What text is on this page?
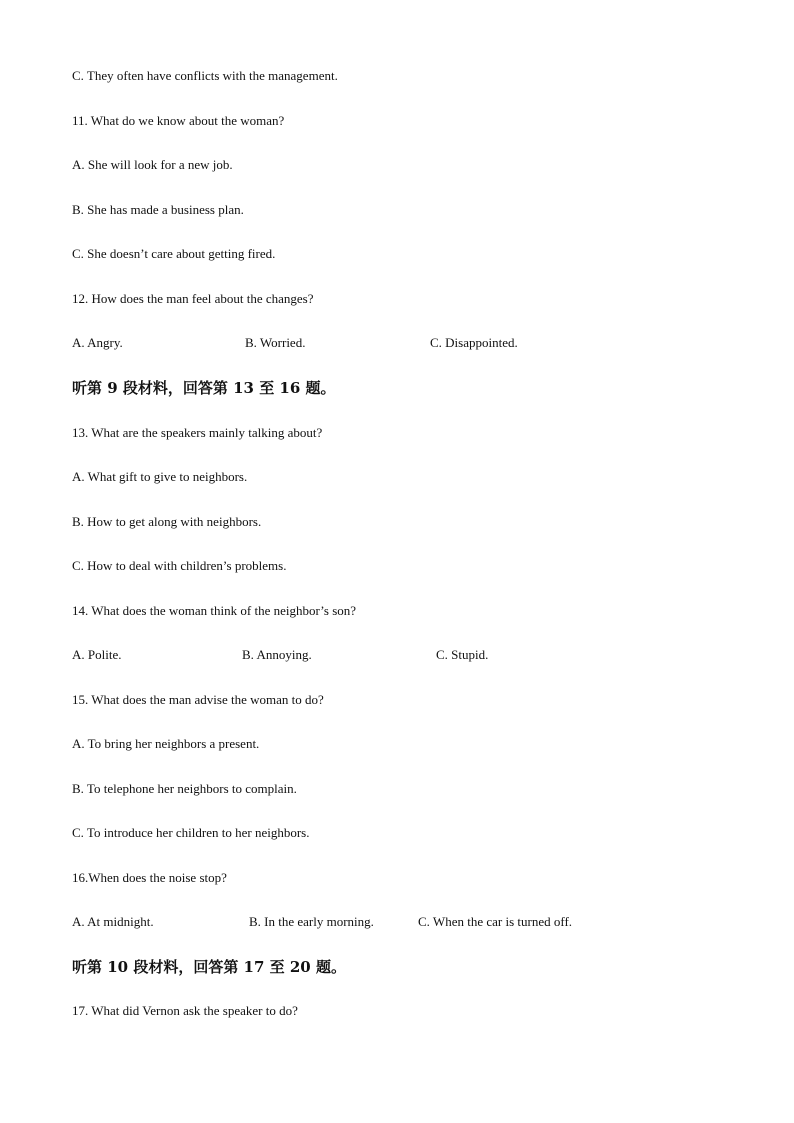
C. They often have conflicts with the management.
11. What do we know about the woman?
A. She will look for a new job.
B. She has made a business plan.
C. She doesn’t care about getting fired.
12. How does the man feel about the changes?
A. Angry.	B. Worried.	C. Disappointed.
听第 9 段材料，回答第 13 至 16 题。
13. What are the speakers mainly talking about?
A. What gift to give to neighbors.
B. How to get along with neighbors.
C. How to deal with children’s problems.
14. What does the woman think of the neighbor’s son?
A. Polite.	B. Annoying.	C. Stupid.
15. What does the man advise the woman to do?
A. To bring her neighbors a present.
B. To telephone her neighbors to complain.
C. To introduce her children to her neighbors.
16.When does the noise stop?
A. At midnight.	B. In the early morning.	C. When the car is turned off.
听第 10 段材料，回答第 17 至 20 题。
17. What did Vernon ask the speaker to do?
